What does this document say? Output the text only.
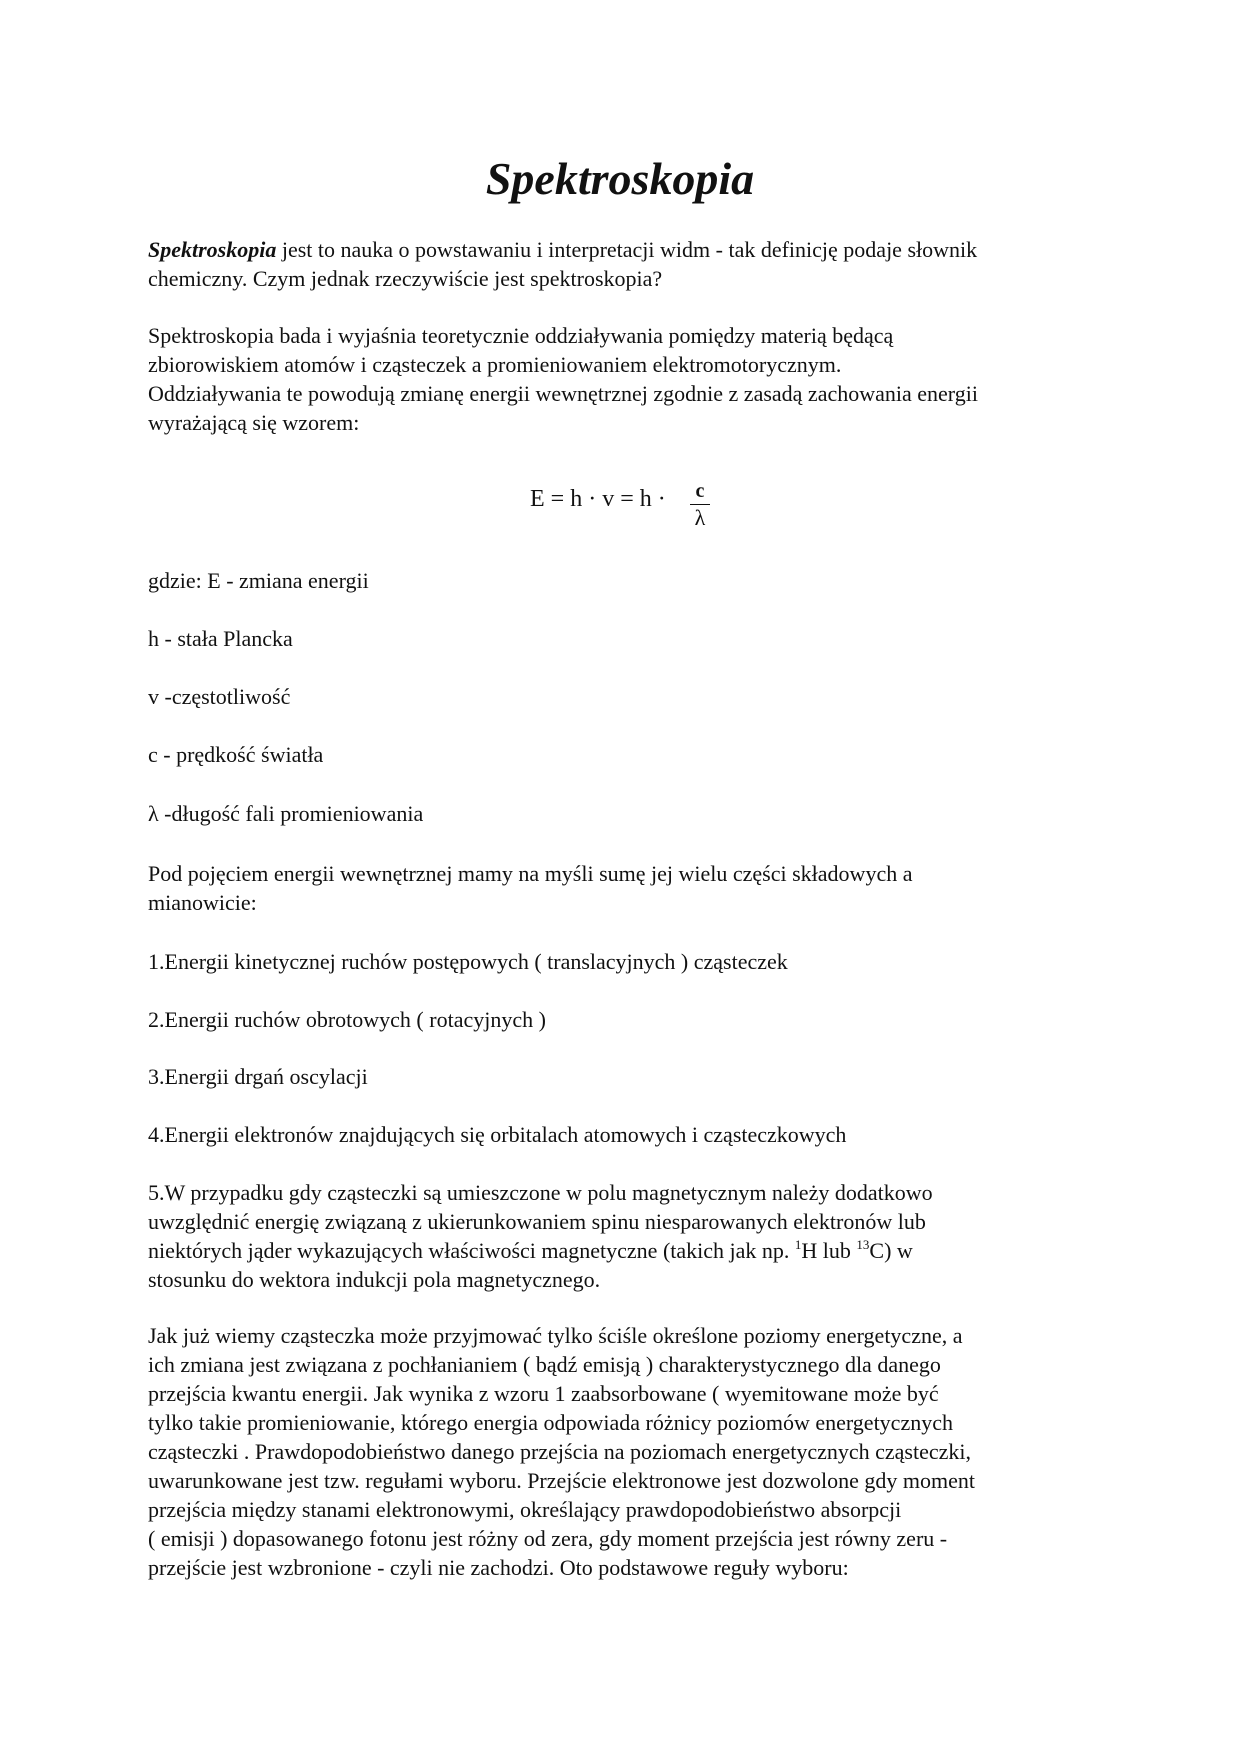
Spektroskopia
Spektroskopia jest to nauka o powstawaniu i interpretacji widm - tak definicję podaje słownik
chemiczny. Czym jednak rzeczywiście jest spektroskopia?
Spektroskopia bada i wyjaśnia teoretycznie oddziaływania pomiędzy materią będącą
zbiorowiskiem atomów i cząsteczek a promieniowaniem elektromotorycznym.
Oddziaływania te powodują zmianę energii wewnętrznej zgodnie z zasadą zachowania energii
wyrażającą się wzorem:
E = h · v = h · c
λ
gdzie: E - zmiana energii
h - stała Plancka
v -częstotliwość
c - prędkość światła
λ -długość fali promieniowania
Pod pojęciem energii wewnętrznej mamy na myśli sumę jej wielu części składowych a
mianowicie:
1.Energii kinetycznej ruchów postępowych ( translacyjnych ) cząsteczek
2.Energii ruchów obrotowych ( rotacyjnych )
3.Energii drgań oscylacji
4.Energii elektronów znajdujących się orbitalach atomowych i cząsteczkowych
5.W przypadku gdy cząsteczki są umieszczone w polu magnetycznym należy dodatkowo
uwzględnić energię związaną z ukierunkowaniem spinu niesparowanych elektronów lub
niektórych jąder wykazujących właściwości magnetyczne (takich jak np. $^1$H lub $^{13}$C) w
stosunku do wektora indukcji pola magnetycznego.
Jak już wiemy cząsteczka może przyjmować tylko ściśle określone poziomy energetyczne, a
ich zmiana jest związana z pochłanianiem ( bądź emisją ) charakterystycznego dla danego
przejścia kwantu energii. Jak wynika z wzoru 1 zaabsorbowane ( wyemitowane może być
tylko takie promieniowanie, którego energia odpowiada różnicy poziomów energetycznych
cząsteczki . Prawdopodobieństwo danego przejścia na poziomach energetycznych cząsteczki,
uwarunkowane jest tzw. regułami wyboru. Przejście elektronowe jest dozwolone gdy moment
przejścia między stanami elektronowymi, określający prawdopodobieństwo absorpcji
( emisji ) dopasowanego fotonu jest różny od zera, gdy moment przejścia jest równy zeru -
przejście jest wzbronione - czyli nie zachodzi. Oto podstawowe reguły wyboru:
